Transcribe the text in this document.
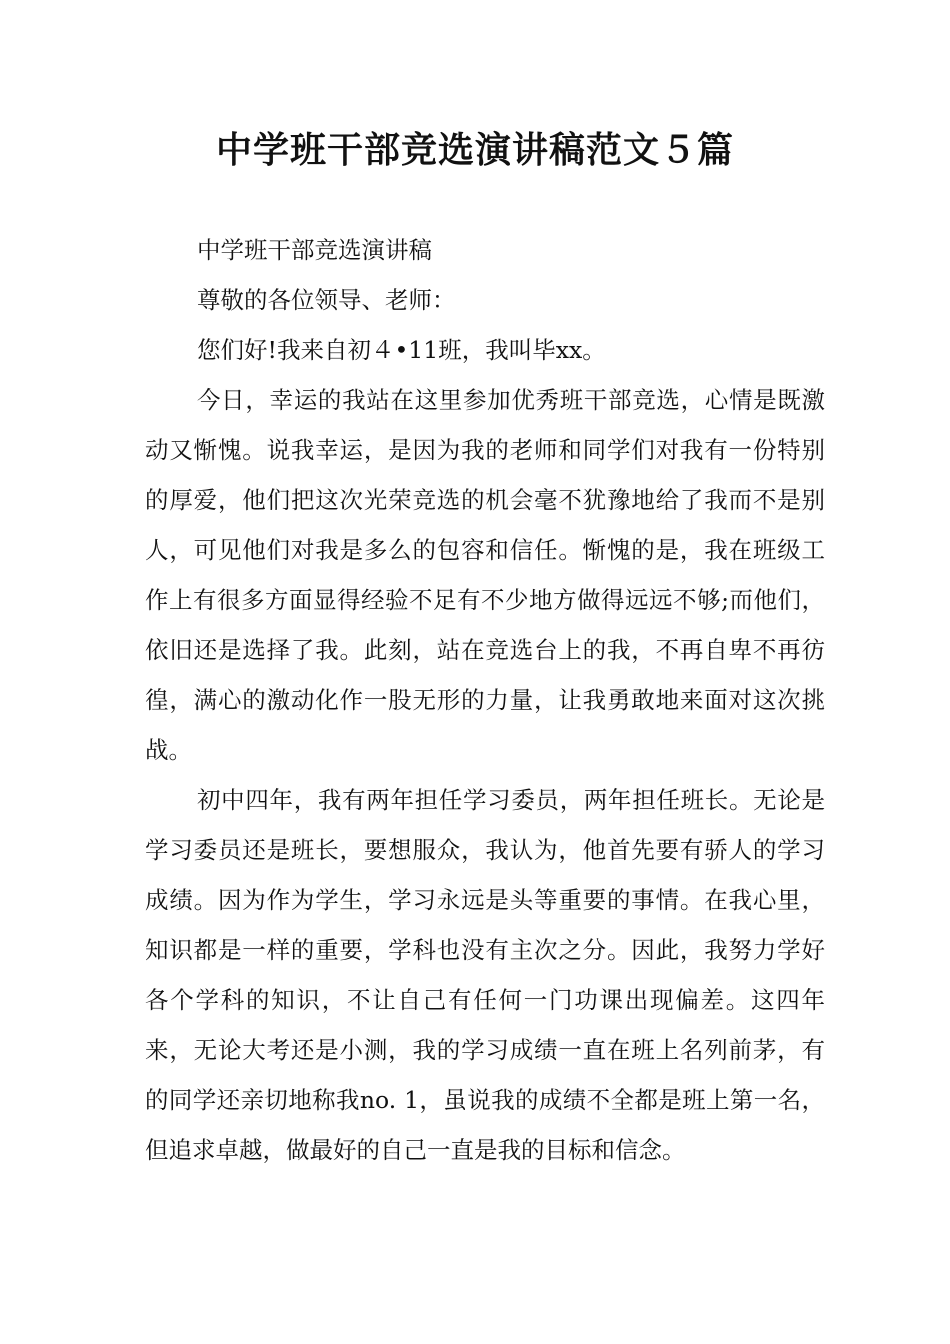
中学班干部竞选演讲稿范文５篇

中学班干部竞选演讲稿

尊敬的各位领导、老师：

您们好!我来自初４•11班，我叫毕xx。

今日，幸运的我站在这里参加优秀班干部竞选，心情是既激动又惭愧。说我幸运，是因为我的老师和同学们对我有一份特别的厚爱，他们把这次光荣竞选的机会毫不犹豫地给了我而不是别人，可见他们对我是多么的包容和信任。惭愧的是，我在班级工作上有很多方面显得经验不足有不少地方做得远远不够;而他们，依旧还是选择了我。此刻，站在竞选台上的我，不再自卑不再彷徨，满心的激动化作一股无形的力量，让我勇敢地来面对这次挑战。

初中四年，我有两年担任学习委员，两年担任班长。无论是学习委员还是班长，要想服众，我认为，他首先要有骄人的学习成绩。因为作为学生，学习永远是头等重要的事情。在我心里，知识都是一样的重要，学科也没有主次之分。因此，我努力学好各个学科的知识，不让自己有任何一门功课出现偏差。这四年来，无论大考还是小测，我的学习成绩一直在班上名列前茅，有的同学还亲切地称我no. 1，虽说我的成绩不全都是班上第一名，但追求卓越，做最好的自己一直是我的目标和信念。
